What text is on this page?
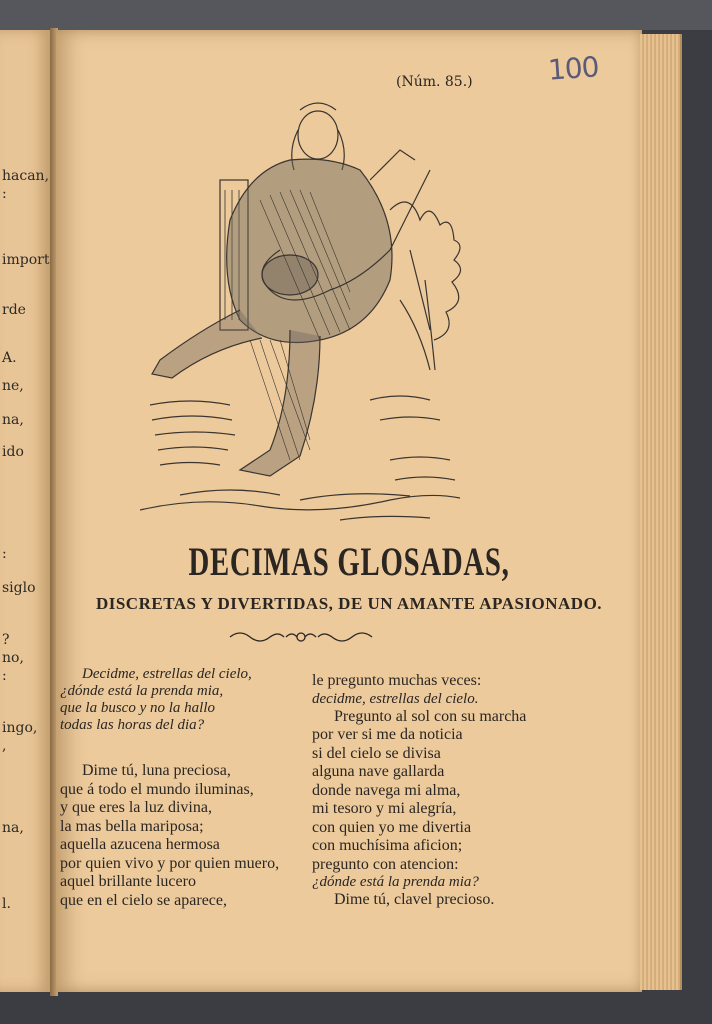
hacan,
:
import
rde
A.
ne,
na,
ido
:
siglo
?
no,
:
ingo,
,
na,
l.
(Núm. 85.)	100
DECIMAS GLOSADAS,
DISCRETAS Y DIVERTIDAS, DE UN AMANTE APASIONADO.
Decidme, estrellas del cielo,
¿dónde está la prenda mia,
que la busco y no la hallo
todas las horas del dia?
Dime tú, luna preciosa,
que á todo el mundo iluminas,
y que eres la luz divina,
la mas bella mariposa;
aquella azucena hermosa
por quien vivo y por quien muero,
aquel brillante lucero
que en el cielo se aparece,
le pregunto muchas veces:
decidme, estrellas del cielo.
Pregunto al sol con su marcha
por ver si me da noticia
si del cielo se divisa
alguna nave gallarda
donde navega mi alma,
mi tesoro y mi alegría,
con quien yo me divertia
con muchísima aficion;
pregunto con atencion:
¿dónde está la prenda mia?
Dime tú, clavel precioso.
